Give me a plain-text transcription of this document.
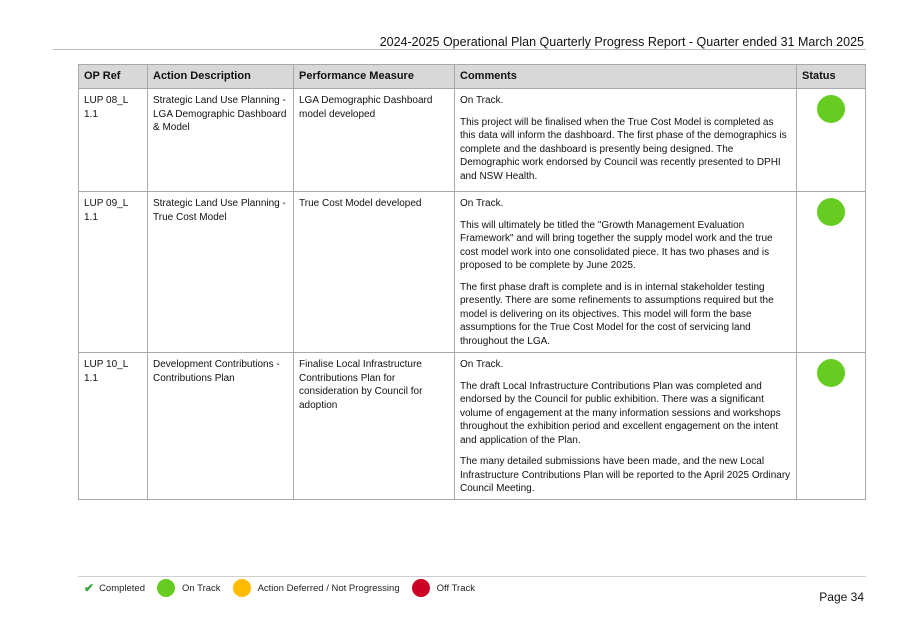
2024-2025 Operational Plan Quarterly Progress Report - Quarter ended 31 March 2025
OP Ref	Action Description	Performance Measure	Comments	Status
LUP 08_L 1.1	Strategic Land Use Planning - LGA Demographic Dashboard & Model	LGA Demographic Dashboard model developed	On Track.

This project will be finalised when the True Cost Model is completed as this data will inform the dashboard. The first phase of the demographics is complete and the dashboard is presently being designed. The Demographic work endorsed by Council was recently presented to DPHI and NSW Health.	

LUP 09_L 1.1	Strategic Land Use Planning - True Cost Model	True Cost Model developed	On Track.

This will ultimately be titled the "Growth Management Evaluation Framework" and will bring together the supply model work and the true cost model work into one consolidated piece. It has two phases and is proposed to be complete by June 2025.

The first phase draft is complete and is in internal stakeholder testing presently. There are some refinements to assumptions required but the model is delivering on its objectives. This model will form the base assumptions for the True Cost Model for the cost of servicing land throughout the LGA.	

LUP 10_L 1.1	Development Contributions - Contributions Plan	Finalise Local Infrastructure Contributions Plan for consideration by Council for adoption	On Track.

The draft Local Infrastructure Contributions Plan was completed and endorsed by the Council for public exhibition. There was a significant volume of engagement at the many information sessions and workshops throughout the exhibition period and excellent engagement on the intent and application of the Plan.

The many detailed submissions have been made, and the new Local Infrastructure Contributions Plan will be reported to the April 2025 Ordinary Council Meeting.	

✔ Completed	On Track	Action Deferred / Not Progressing	Off Track
Page 34
